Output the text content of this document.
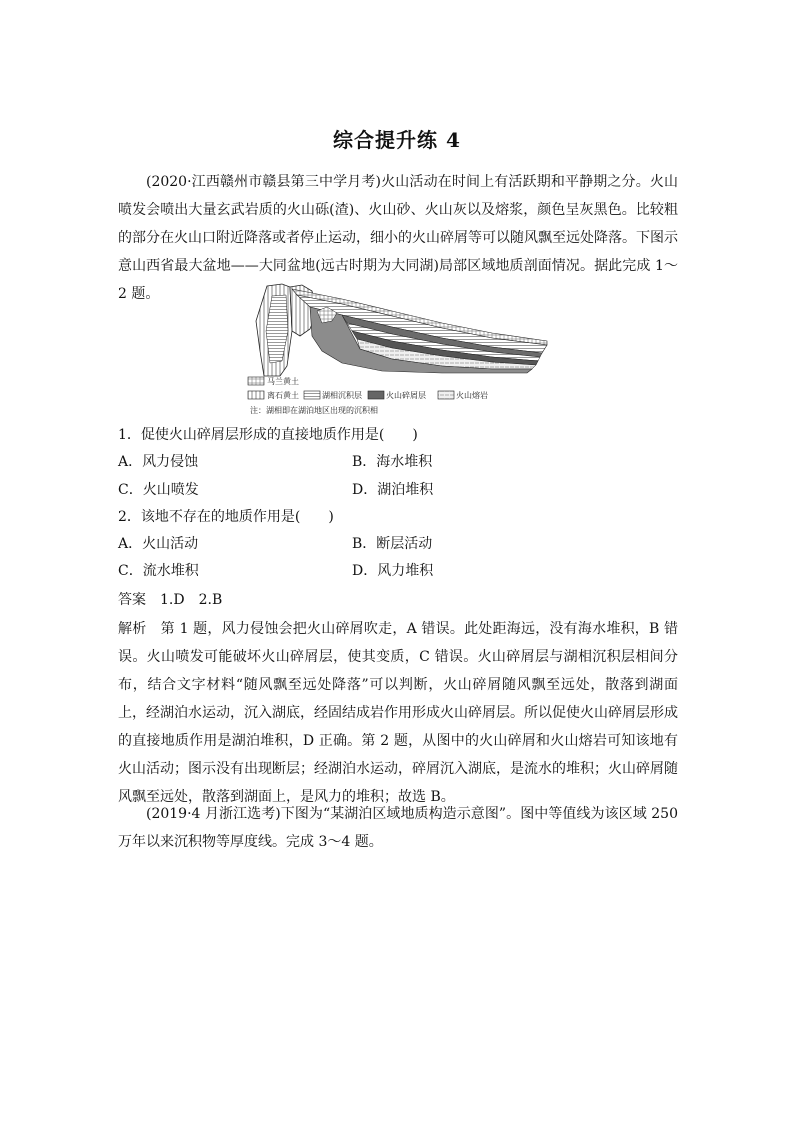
综合提升练 4

(2020·江西赣州市赣县第三中学月考)火山活动在时间上有活跃期和平静期之分。火山喷发会喷出大量玄武岩质的火山砾(渣)、火山砂、火山灰以及熔浆，颜色呈灰黑色。比较粗的部分在火山口附近降落或者停止运动，细小的火山碎屑等可以随风飘至远处降落。下图示意山西省最大盆地——大同盆地(远古时期为大同湖)局部区域地质剖面情况。据此完成 1～2 题。

马兰黄土
离石黄土	湖相沉积层	火山碎屑层	火山熔岩
注：湖相即在湖泊地区出现的沉积相

1．促使火山碎屑层形成的直接地质作用是(　　)

A．风力侵蚀	B．海水堆积

C．火山喷发	D．湖泊堆积

2．该地不存在的地质作用是(　　)

A．火山活动	B．断层活动

C．流水堆积	D．风力堆积

答案　1.D　2.B

解析　第 1 题，风力侵蚀会把火山碎屑吹走，A 错误。此处距海远，没有海水堆积，B 错误。火山喷发可能破坏火山碎屑层，使其变质，C 错误。火山碎屑层与湖相沉积层相间分布，结合文字材料“随风飘至远处降落”可以判断，火山碎屑随风飘至远处，散落到湖面上，经湖泊水运动，沉入湖底，经固结成岩作用形成火山碎屑层。所以促使火山碎屑层形成的直接地质作用是湖泊堆积，D 正确。第 2 题，从图中的火山碎屑和火山熔岩可知该地有火山活动；图示没有出现断层；经湖泊水运动，碎屑沉入湖底，是流水的堆积；火山碎屑随风飘至远处，散落到湖面上，是风力的堆积；故选 B。

(2019·4 月浙江选考)下图为“某湖泊区域地质构造示意图”。图中等值线为该区域 250 万年以来沉积物等厚度线。完成 3～4 题。
